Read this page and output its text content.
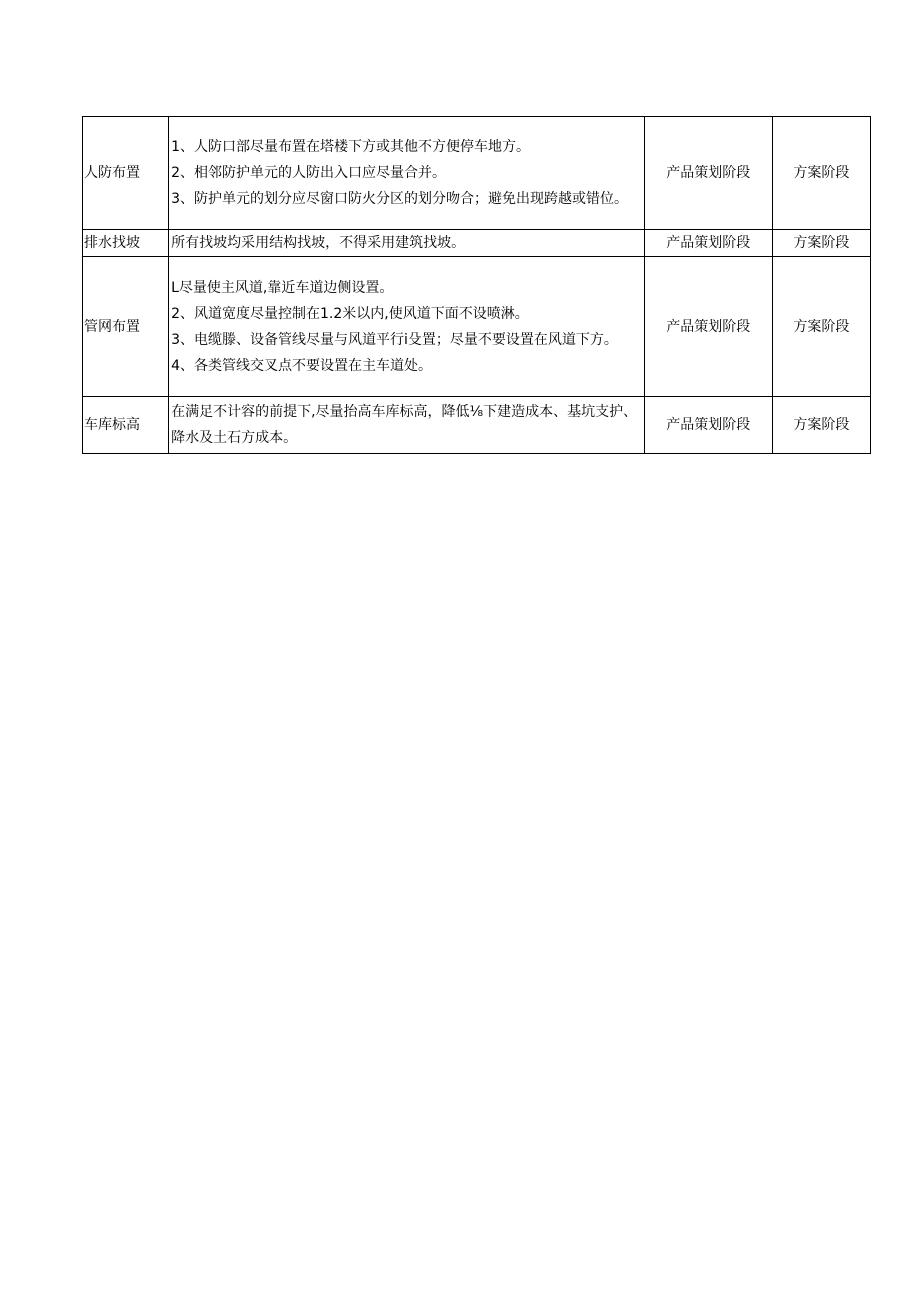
人防布置	1、人防口部尽量布置在塔楼下方或其他不方便停车地方。
2、相邻防护单元的人防出入口应尽量合并。
3、防护单元的划分应尽窗口防火分区的划分吻合；避免出现跨越或错位。	产品策划阶段	方案阶段
排水找坡	所有找坡均采用结构找坡，不得采用建筑找坡。	产品策划阶段	方案阶段
管网布置	L尽量使主风道,靠近车道边侧设置。
2、风道宽度尽量控制在1.2米以内,使风道下面不设喷淋。
3、电缆滕、设备管线尽量与风道平行i殳置；尽量不要设置在风道下方。
4、各类管线交叉点不要设置在主车道处。	产品策划阶段	方案阶段
车库标高	在满足不计容的前提下,尽量抬高车库标高，降低⅛下建造成本、基坑支护、降水及土石方成本。	产品策划阶段	方案阶段
